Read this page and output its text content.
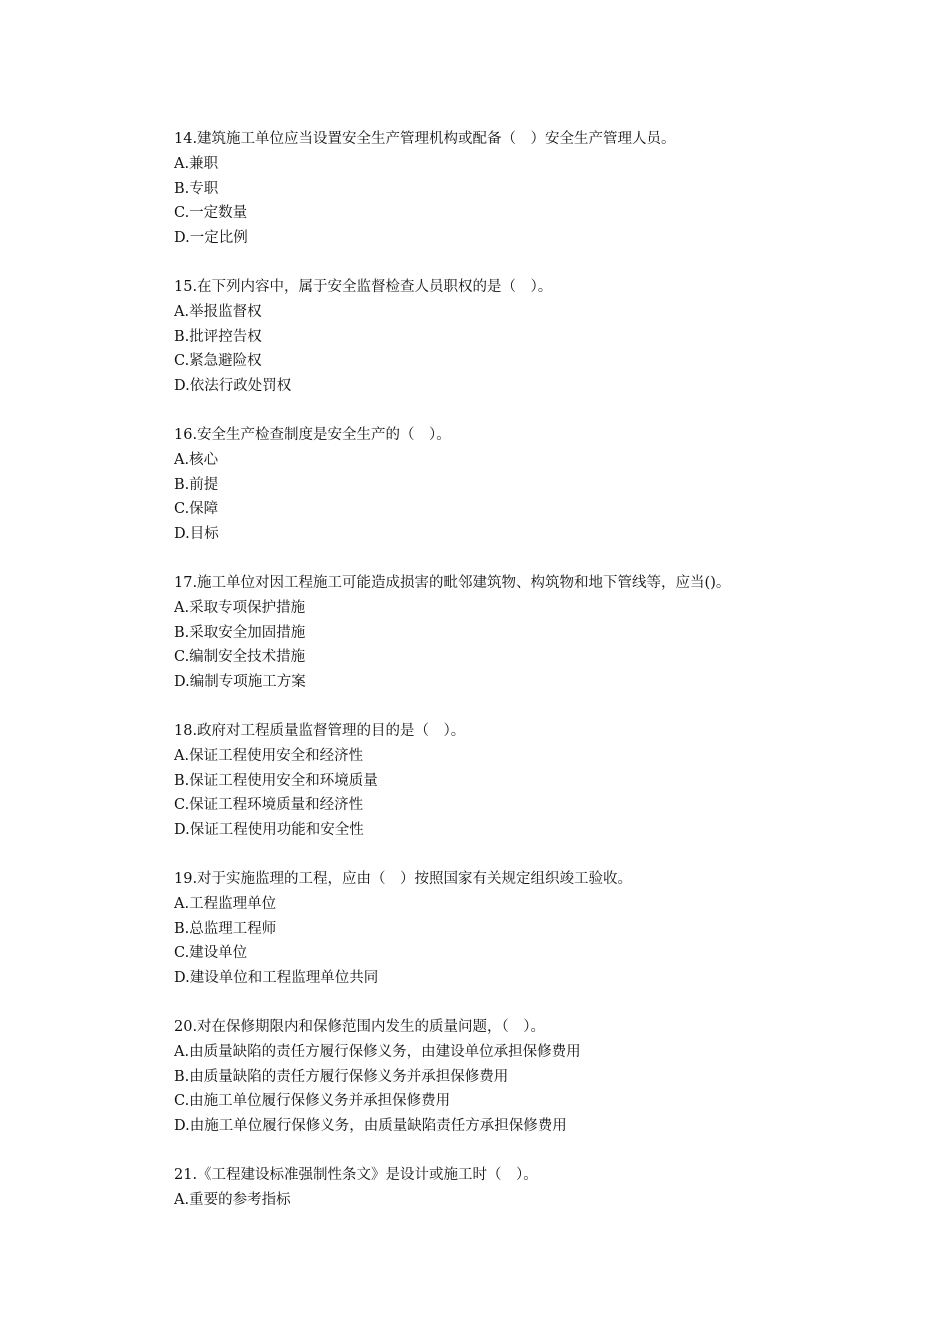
14.建筑施工单位应当设置安全生产管理机构或配备（　）安全生产管理人员。
A.兼职
B.专职
C.一定数量
D.一定比例
15.在下列内容中，属于安全监督检查人员职权的是（　）。
A.举报监督权
B.批评控告权
C.紧急避险权
D.依法行政处罚权
16.安全生产检查制度是安全生产的（　）。
A.核心
B.前提
C.保障
D.目标
17.施工单位对因工程施工可能造成损害的毗邻建筑物、构筑物和地下管线等，应当()。
A.采取专项保护措施
B.采取安全加固措施
C.编制安全技术措施
D.编制专项施工方案
18.政府对工程质量监督管理的目的是（　）。
A.保证工程使用安全和经济性
B.保证工程使用安全和环境质量
C.保证工程环境质量和经济性
D.保证工程使用功能和安全性
19.对于实施监理的工程，应由（　）按照国家有关规定组织竣工验收。
A.工程监理单位
B.总监理工程师
C.建设单位
D.建设单位和工程监理单位共同
20.对在保修期限内和保修范围内发生的质量问题，（　）。
A.由质量缺陷的责任方履行保修义务，由建设单位承担保修费用
B.由质量缺陷的责任方履行保修义务并承担保修费用
C.由施工单位履行保修义务并承担保修费用
D.由施工单位履行保修义务，由质量缺陷责任方承担保修费用
21.《工程建设标准强制性条文》是设计或施工时（　）。
A.重要的参考指标
